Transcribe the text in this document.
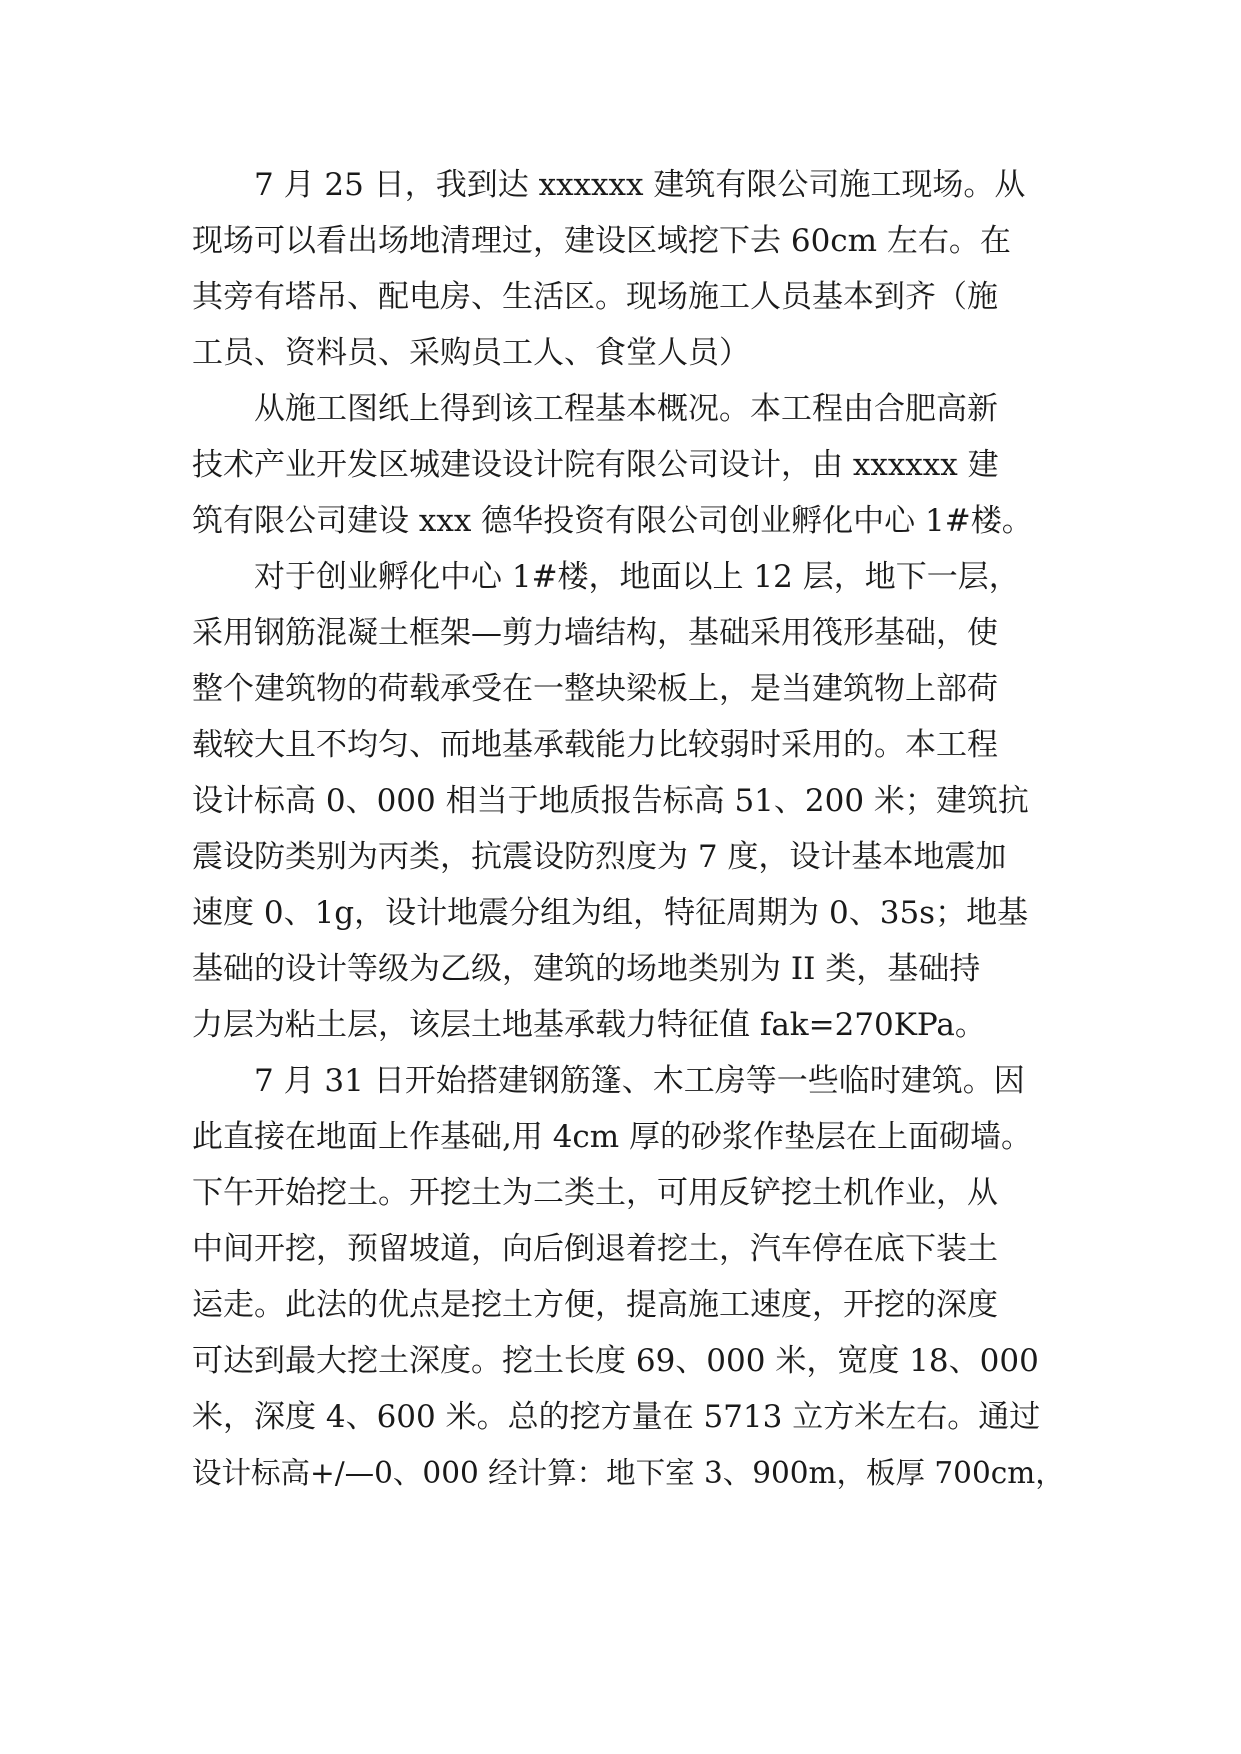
7 月 25 日，我到达 xxxxxx 建筑有限公司施工现场。从
现场可以看出场地清理过，建设区域挖下去 60cm 左右。在
其旁有塔吊、配电房、生活区。现场施工人员基本到齐（施
工员、资料员、采购员工人、食堂人员）
从施工图纸上得到该工程基本概况。本工程由合肥高新
技术产业开发区城建设设计院有限公司设计，由 xxxxxx 建
筑有限公司建设 xxx 德华投资有限公司创业孵化中心 1#楼。
对于创业孵化中心 1#楼，地面以上 12 层，地下一层，
采用钢筋混凝土框架—剪力墙结构，基础采用筏形基础，使
整个建筑物的荷载承受在一整块梁板上，是当建筑物上部荷
载较大且不均匀、而地基承载能力比较弱时采用的。本工程
设计标高 0、000 相当于地质报告标高 51、200 米；建筑抗
震设防类别为丙类，抗震设防烈度为 7 度，设计基本地震加
速度 0、1g，设计地震分组为组，特征周期为 0、35s；地基
基础的设计等级为乙级，建筑的场地类别为 II 类，基础持
力层为粘土层，该层土地基承载力特征值 fak=270KPa。
7 月 31 日开始搭建钢筋篷、木工房等一些临时建筑。因
此直接在地面上作基础,用 4cm 厚的砂浆作垫层在上面砌墙。
下午开始挖土。开挖土为二类土，可用反铲挖土机作业，从
中间开挖，预留坡道，向后倒退着挖土，汽车停在底下装土
运走。此法的优点是挖土方便，提高施工速度，开挖的深度
可达到最大挖土深度。挖土长度 69、000 米，宽度 18、000
米，深度 4、600 米。总的挖方量在 5713 立方米左右。通过
设计标高+/—0、000 经计算：地下室 3、900m，板厚 700cm，
